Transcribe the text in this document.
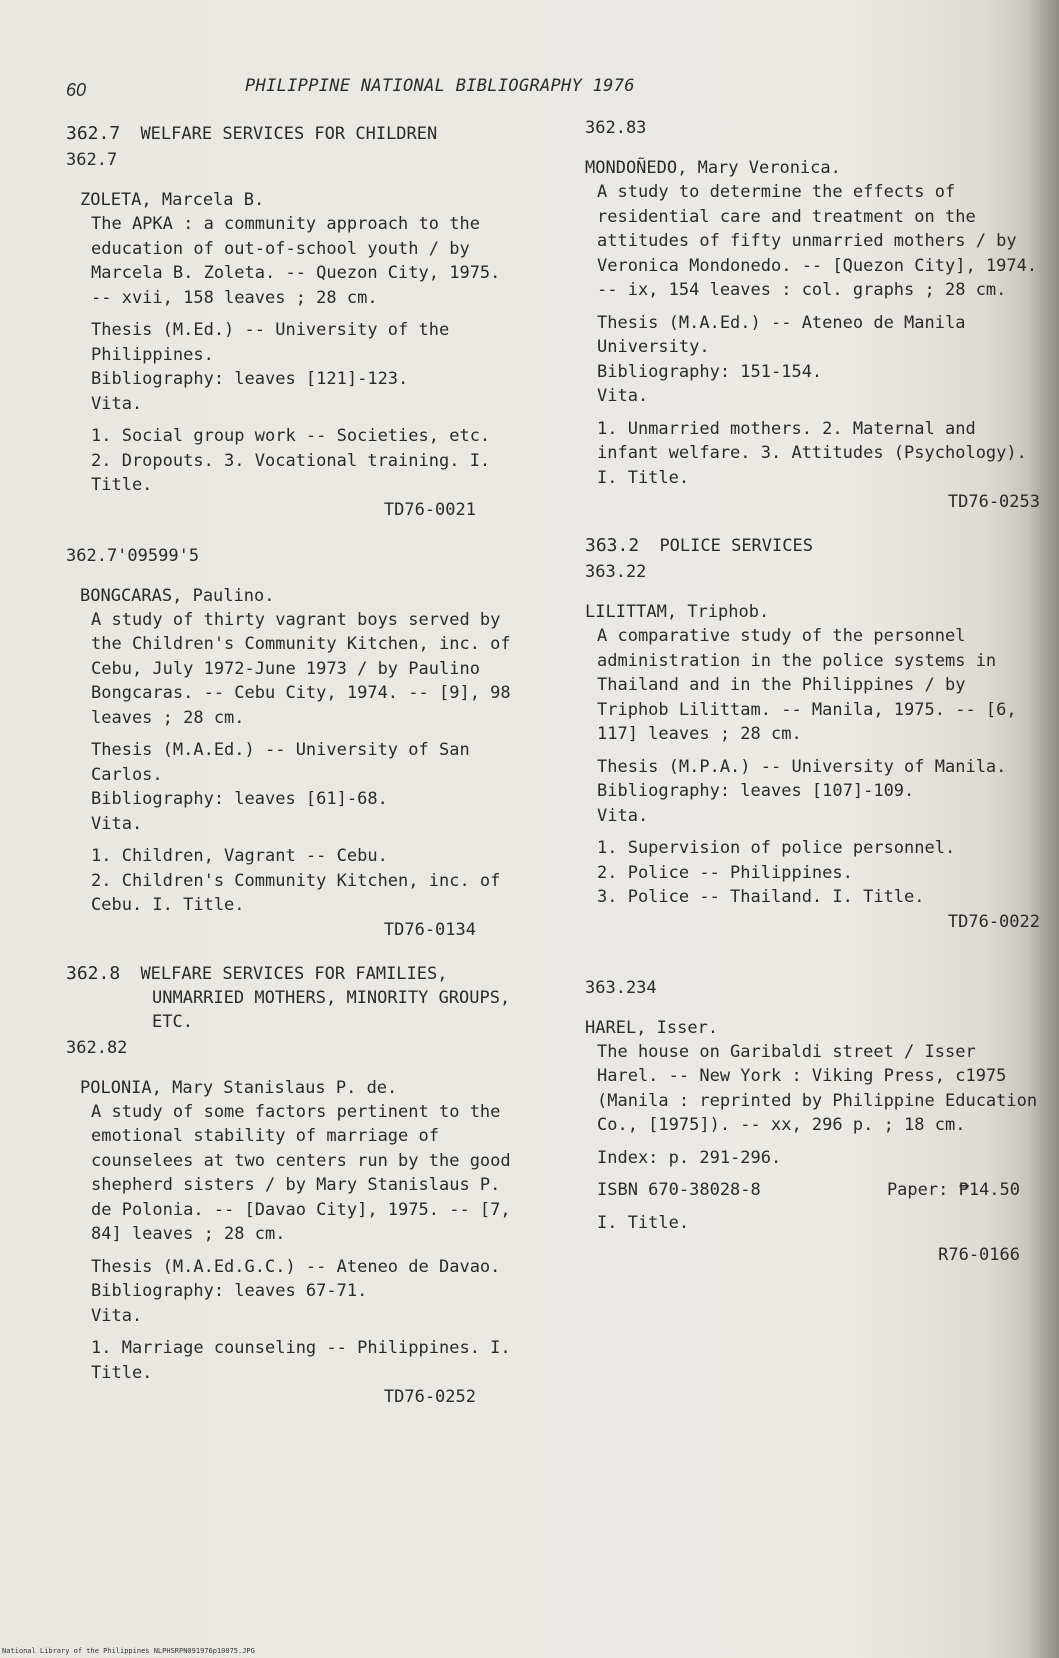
60	PHILIPPINE NATIONAL BIBLIOGRAPHY 1976
362.7 WELFARE SERVICES FOR CHILDREN
362.7
ZOLETA, Marcela B.
The APKA : a community approach to the education of out-of-school youth / by Marcela B. Zoleta. -- Quezon City, 1975. -- xvii, 158 leaves ; 28 cm.
Thesis (M.Ed.) -- University of the Philippines.
Bibliography: leaves [121]-123.
Vita.
1. Social group work -- Societies, etc. 2. Dropouts. 3. Vocational training. I. Title.
TD76-0021
362.7'09599'5
BONGCARAS, Paulino.
A study of thirty vagrant boys served by the Children's Community Kitchen, inc. of Cebu, July 1972-June 1973 / by Paulino Bongcaras. -- Cebu City, 1974. -- [9], 98 leaves ; 28 cm.
Thesis (M.A.Ed.) -- University of San Carlos.
Bibliography: leaves [61]-68.
Vita.
1. Children, Vagrant -- Cebu.
2. Children's Community Kitchen, inc. of Cebu. I. Title.
TD76-0134
362.8 WELFARE SERVICES FOR FAMILIES, UNMARRIED MOTHERS, MINORITY GROUPS, ETC.
362.82
POLONIA, Mary Stanislaus P. de.
A study of some factors pertinent to the emotional stability of marriage of counselees at two centers run by the good shepherd sisters / by Mary Stanislaus P. de Polonia. -- [Davao City], 1975. -- [7, 84] leaves ; 28 cm.
Thesis (M.A.Ed.G.C.) -- Ateneo de Davao.
Bibliography: leaves 67-71.
Vita.
1. Marriage counseling -- Philippines. I. Title.
TD76-0252
362.83
MONDOÑEDO, Mary Veronica.
A study to determine the effects of residential care and treatment on the attitudes of fifty unmarried mothers / by Veronica Mondonedo. -- [Quezon City], 1974. -- ix, 154 leaves : col. graphs ; 28 cm.
Thesis (M.A.Ed.) -- Ateneo de Manila University.
Bibliography: 151-154.
Vita.
1. Unmarried mothers. 2. Maternal and infant welfare. 3. Attitudes (Psychology). I. Title.
TD76-0253
363.2 POLICE SERVICES
363.22
LILITTAM, Triphob.
A comparative study of the personnel administration in the police systems in Thailand and in the Philippines / by Triphob Lilittam. -- Manila, 1975. -- [6, 117] leaves ; 28 cm.
Thesis (M.P.A.) -- University of Manila.
Bibliography: leaves [107]-109.
Vita.
1. Supervision of police personnel.
2. Police -- Philippines.
3. Police -- Thailand. I. Title.
TD76-0022
363.234
HAREL, Isser.
The house on Garibaldi street / Isser Harel. -- New York : Viking Press, c1975 (Manila : reprinted by Philippine Education Co., [1975]). -- xx, 296 p. ; 18 cm.
Index: p. 291-296.
ISBN 670-38028-8	Paper: ₱14.50
I. Title.
R76-0166
National Library of the Philippines NLPHSRPN091976p10075.JPG
